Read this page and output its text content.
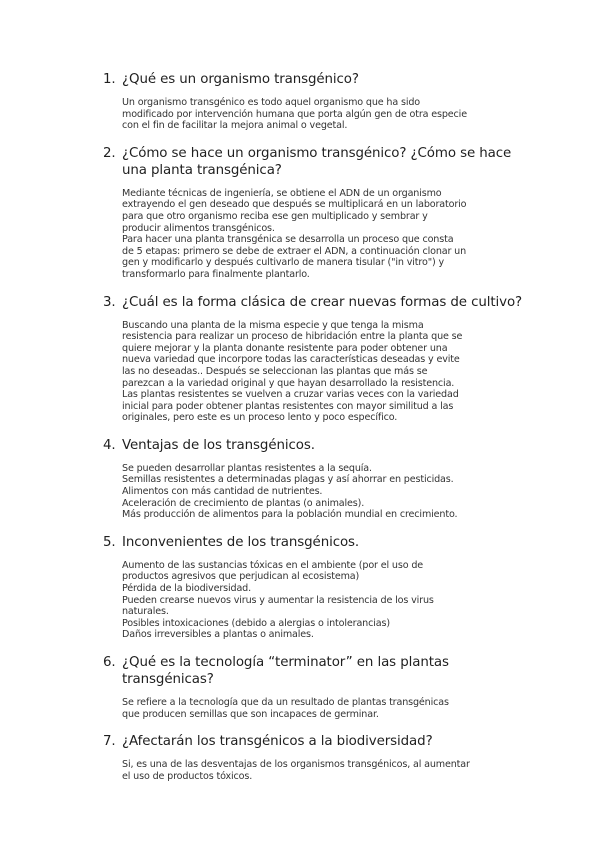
1. ¿Qué es un organismo transgénico?
Un organismo transgénico es todo aquel organismo que ha sido
modificado por intervención humana que porta algún gen de otra especie
con el fin de facilitar la mejora animal o vegetal.
2. ¿Cómo se hace un organismo transgénico? ¿Cómo se hace
una planta transgénica?
Mediante técnicas de ingeniería, se obtiene el ADN de un organismo
extrayendo el gen deseado que después se multiplicará en un laboratorio
para que otro organismo reciba ese gen multiplicado y sembrar y
producir alimentos transgénicos.
Para hacer una planta transgénica se desarrolla un proceso que consta
de 5 etapas: primero se debe de extraer el ADN, a continuación clonar un
gen y modificarlo y después cultivarlo de manera tisular ("in vitro") y
transformarlo para finalmente plantarlo.
3. ¿Cuál es la forma clásica de crear nuevas formas de cultivo?
Buscando una planta de la misma especie y que tenga la misma
resistencia para realizar un proceso de hibridación entre la planta que se
quiere mejorar y la planta donante resistente para poder obtener una
nueva variedad que incorpore todas las características deseadas y evite
las no deseadas.. Después se seleccionan las plantas que más se
parezcan a la variedad original y que hayan desarrollado la resistencia.
Las plantas resistentes se vuelven a cruzar varias veces con la variedad
inicial para poder obtener plantas resistentes con mayor similitud a las
originales, pero este es un proceso lento y poco específico.
4. Ventajas de los transgénicos.
Se pueden desarrollar plantas resistentes a la sequía.
Semillas resistentes a determinadas plagas y así ahorrar en pesticidas.
Alimentos con más cantidad de nutrientes.
Aceleración de crecimiento de plantas (o animales).
Más producción de alimentos para la población mundial en crecimiento.
5. Inconvenientes de los transgénicos.
Aumento de las sustancias tóxicas en el ambiente (por el uso de
productos agresivos que perjudican al ecosistema)
Pérdida de la biodiversidad.
Pueden crearse nuevos virus y aumentar la resistencia de los virus
naturales.
Posibles intoxicaciones (debido a alergias o intolerancias)
Daños irreversibles a plantas o animales.
6. ¿Qué es la tecnología “terminator” en las plantas
transgénicas?
Se refiere a la tecnología que da un resultado de plantas transgénicas
que producen semillas que son incapaces de germinar.
7. ¿Afectarán los transgénicos a la biodiversidad?
Si, es una de las desventajas de los organismos transgénicos, al aumentar
el uso de productos tóxicos.
